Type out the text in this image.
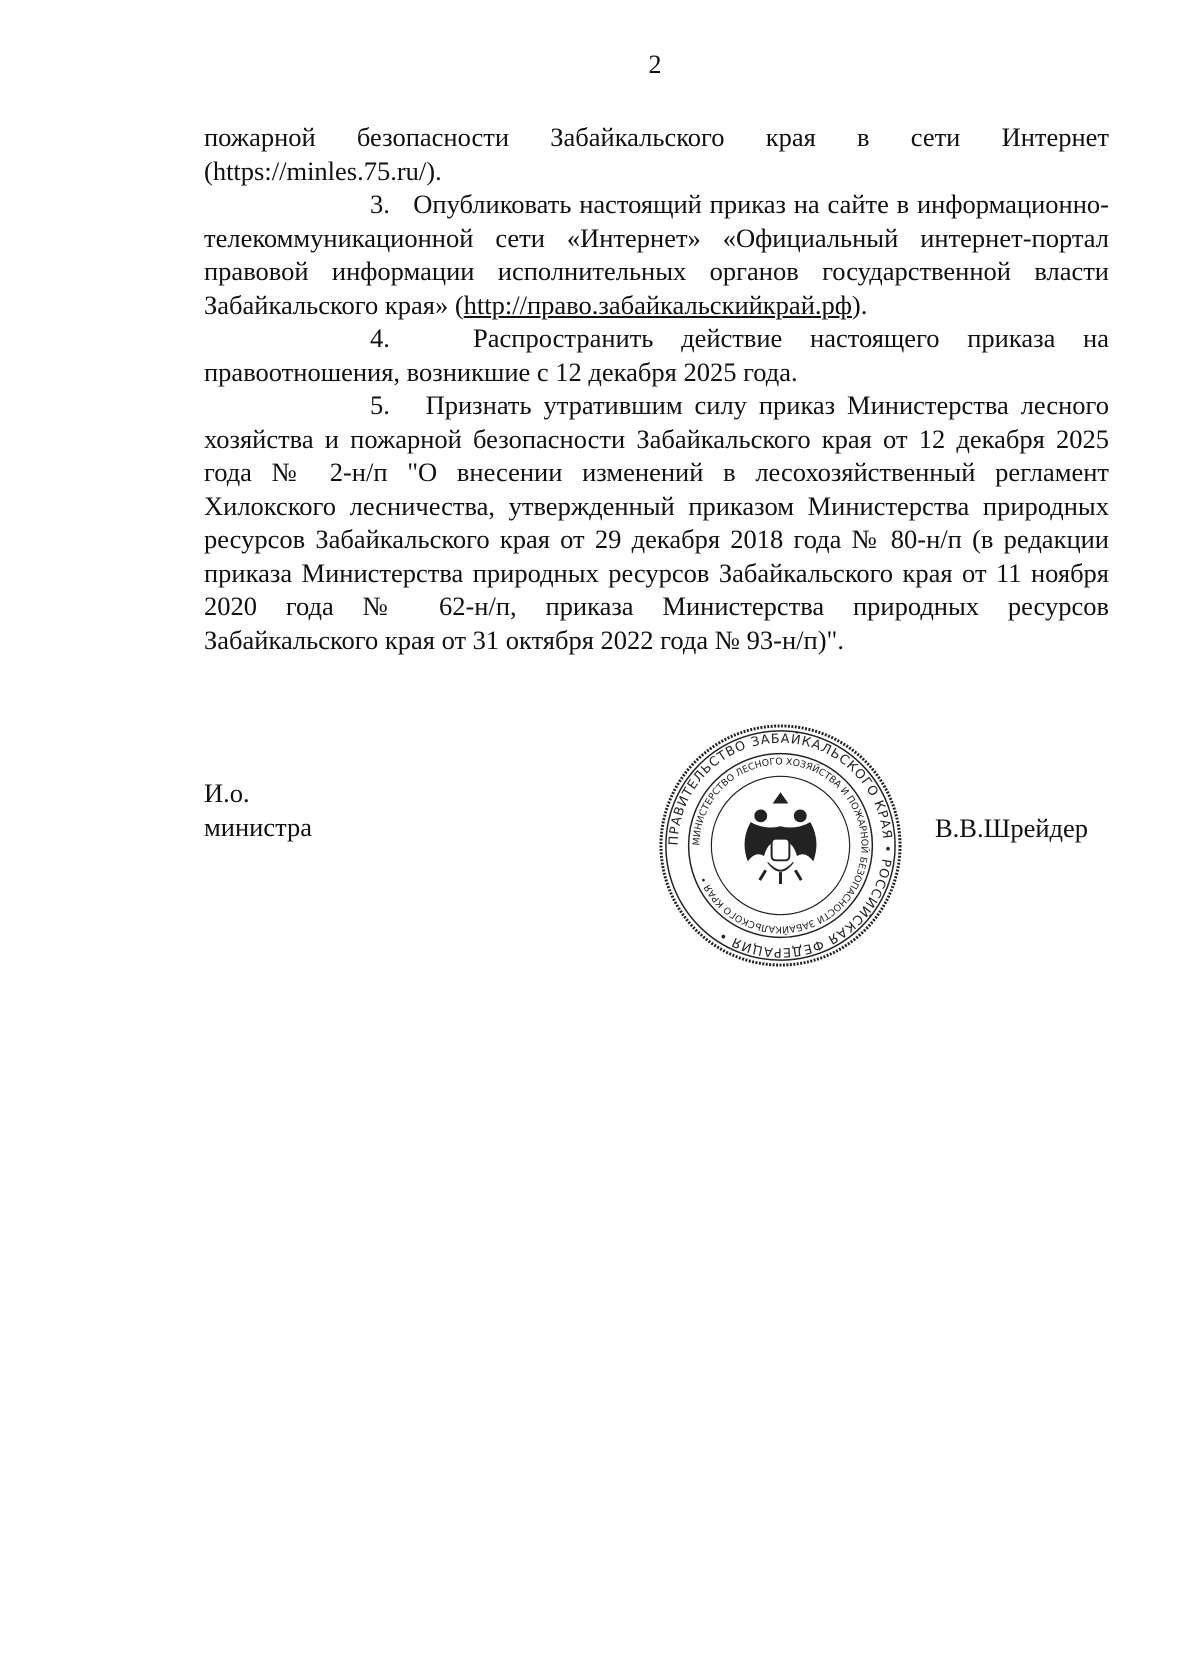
2

пожарной безопасности Забайкальского края в сети Интернет

(https://minles.75.ru/).

3. Опубликовать настоящий приказ на сайте в информационно-телекоммуникационной сети «Интернет» «Официальный интернет-портал правовой информации исполнительных органов государственной власти Забайкальского края» (http://право.забайкальскийкрай.рф).

4.	Распространить действие настоящего приказа на правоотношения, возникшие с 12 декабря 2025 года.

5. Признать утратившим силу приказ Министерства лесного хозяйства и пожарной безопасности Забайкальского края от 12 декабря 2025 года № 2-н/п "О внесении изменений в лесохозяйственный регламент Хилокского лесничества, утвержденный приказом Министерства природных ресурсов Забайкальского края от 29 декабря 2018 года № 80-н/п (в редакции приказа Министерства природных ресурсов Забайкальского края от 11 ноября 2020 года № 62-н/п, приказа Министерства природных ресурсов Забайкальского края от 31 октября 2022 года № 93-н/п)".

И.о.
министра	В.В.Шрейдер
ПРАВИТЕЛЬСТВО ЗАБАЙКАЛЬСКОГО КРАЯ • РОССИЙСКАЯ ФЕДЕРАЦИЯ •
МИНИСТЕРСТВО ЛЕСНОГО ХОЗЯЙСТВА И ПОЖАРНОЙ БЕЗОПАСНОСТИ ЗАБАЙКАЛЬСКОГО КРАЯ •
